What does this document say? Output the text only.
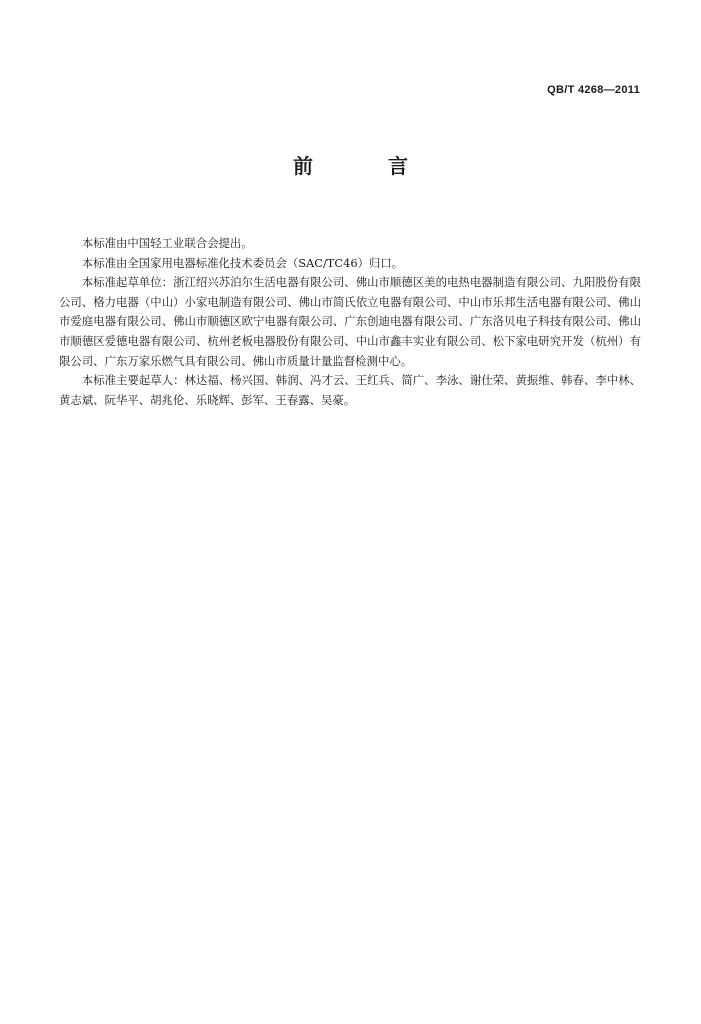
QB/T 4268—2011
前 言

本标准由中国轻工业联合会提出。

本标准由全国家用电器标准化技术委员会（SAC/TC46）归口。

本标准起草单位：浙江绍兴苏泊尔生活电器有限公司、佛山市顺德区美的电热电器制造有限公司、九阳股份有限公司、格力电器（中山）小家电制造有限公司、佛山市简氏依立电器有限公司、中山市乐邦生活电器有限公司、佛山市爱庭电器有限公司、佛山市顺德区欧宁电器有限公司、广东创迪电器有限公司、广东洛贝电子科技有限公司、佛山市顺德区爱德电器有限公司、杭州老板电器股份有限公司、中山市鑫丰实业有限公司、松下家电研究开发（杭州）有限公司、广东万家乐燃气具有限公司、佛山市质量计量监督检测中心。

本标准主要起草人：林达福、杨兴国、韩润、冯才云、王红兵、简广、李泳、谢仕荣、黄振维、韩春、李中林、黄志斌、阮华平、胡兆伦、乐晓辉、彭军、王春露、吴豪。
